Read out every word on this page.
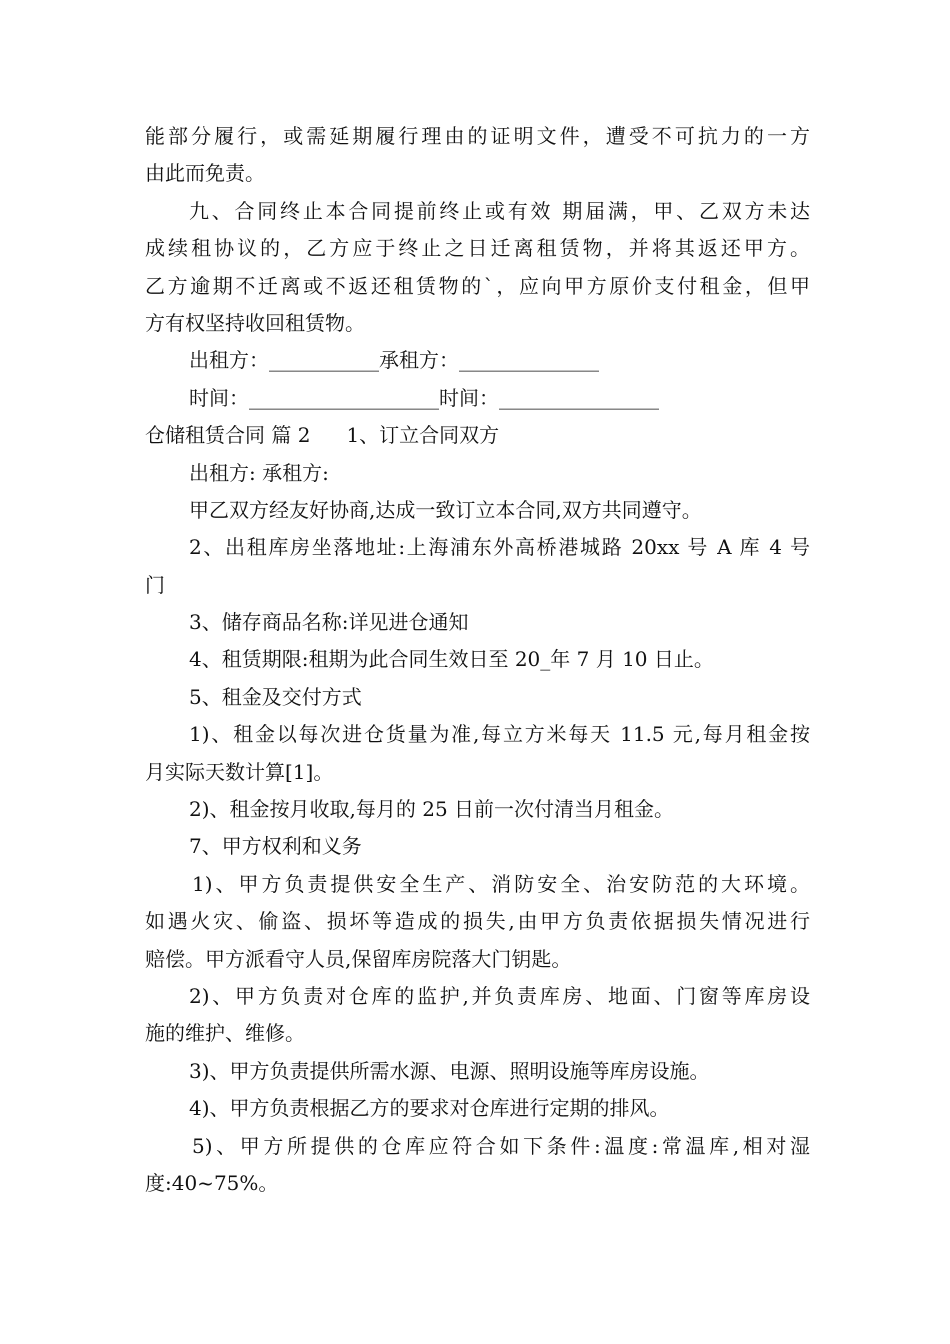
能部分履行，或需延期履行理由的证明文件，遭受不可抗力的一方
由此而免责。
九、合同终止本合同提前终止或有效 期届满，甲、乙双方未达
成续租协议的，乙方应于终止之日迁离租赁物，并将其返还甲方。
乙方逾期不迁离或不返还租赁物的`，应向甲方原价支付租金，但甲
方有权坚持收回租赁物。
出租方：___________承租方：______________
时间：___________________时间：________________
仓储租赁合同 篇 2 1、订立合同双方
出租方: 承租方:
甲乙双方经友好协商,达成一致订立本合同,双方共同遵守。
2、出租库房坐落地址:上海浦东外高桥港城路 20xx 号 A 库 4 号
门
3、储存商品名称:详见进仓通知
4、租赁期限:租期为此合同生效日至 20_年 7 月 10 日止。
5、租金及交付方式
1)、租金以每次进仓货量为准,每立方米每天 11.5 元,每月租金按
月实际天数计算[1]。
2)、租金按月收取,每月的 25 日前一次付清当月租金。
7、甲方权利和义务
1)、甲方负责提供安全生产、消防安全、治安防范的大环境。
如遇火灾、偷盗、损坏等造成的损失,由甲方负责依据损失情况进行
赔偿。甲方派看守人员,保留库房院落大门钥匙。
2)、甲方负责对仓库的监护,并负责库房、地面、门窗等库房设
施的维护、维修。
3)、甲方负责提供所需水源、电源、照明设施等库房设施。
4)、甲方负责根据乙方的要求对仓库进行定期的排风。
5)、甲方所提供的仓库应符合如下条件:温度:常温库,相对湿
度:40~75%。
